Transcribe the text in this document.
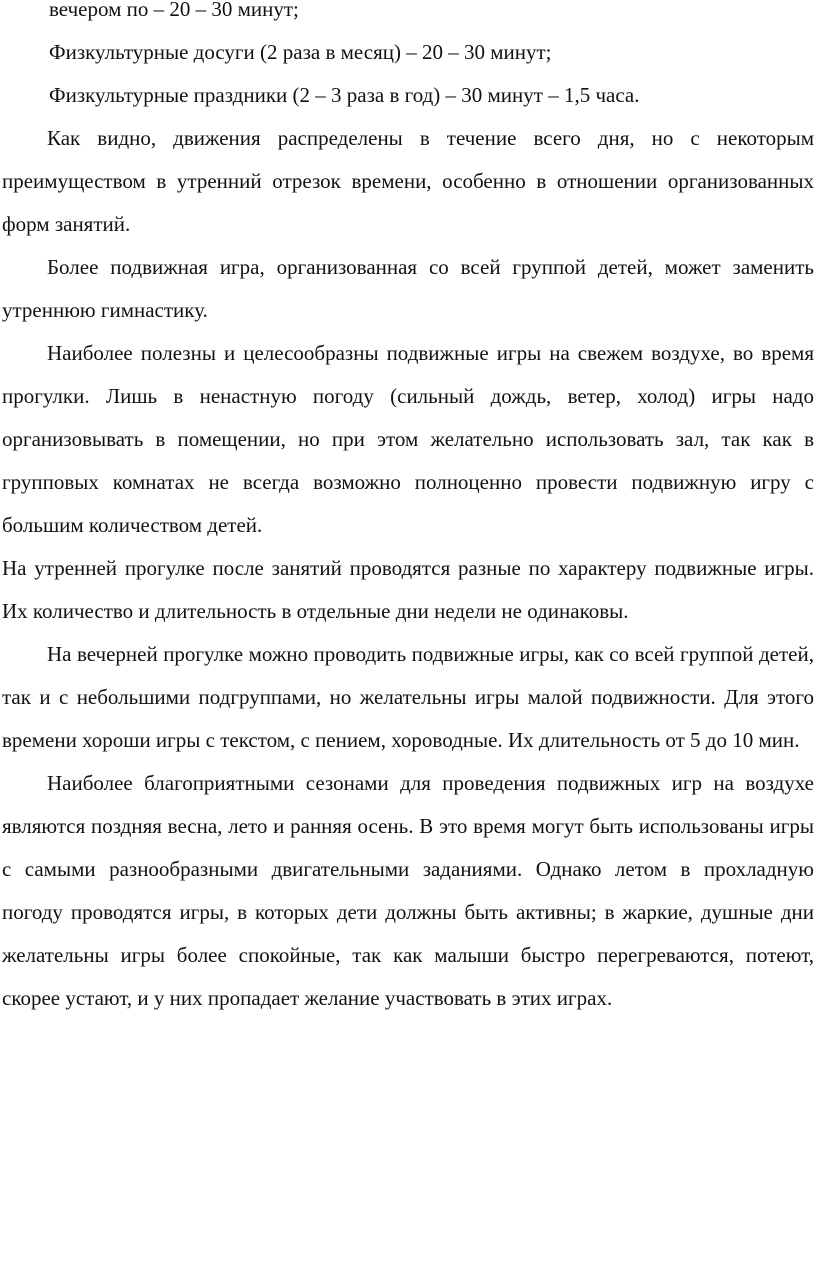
вечером по – 20 – 30 минут;
Физкультурные досуги (2 раза в месяц) – 20 – 30 минут;
Физкультурные праздники (2 – 3 раза в год) – 30 минут – 1,5 часа.

Как видно, движения распределены в течение всего дня, но с некоторым преимуществом в утренний отрезок времени, особенно в отношении организованных форм занятий.

Более подвижная игра, организованная со всей группой детей, может заменить утреннюю гимнастику.

Наиболее полезны и целесообразны подвижные игры на свежем воздухе, во время прогулки. Лишь в ненастную погоду (сильный дождь, ветер, холод) игры надо организовывать в помещении, но при этом желательно использовать зал, так как в групповых комнатах не всегда возможно полноценно провести подвижную игру с большим количеством детей.

На утренней прогулке после занятий проводятся разные по характеру подвижные игры. Их количество и длительность в отдельные дни недели не одинаковы.

На вечерней прогулке можно проводить подвижные игры, как со всей группой детей, так и с небольшими подгруппами, но желательны игры малой подвижности. Для этого времени хороши игры с текстом, с пением, хороводные. Их длительность от 5 до 10 мин.

Наиболее благоприятными сезонами для проведения подвижных игр на воздухе являются поздняя весна, лето и ранняя осень. В это время могут быть использованы игры с самыми разнообразными двигательными заданиями. Однако летом в прохладную погоду проводятся игры, в которых дети должны быть активны; в жаркие, душные дни желательны игры более спокойные, так как малыши быстро перегреваются, потеют, скорее устают, и у них пропадает желание участвовать в этих играх.
